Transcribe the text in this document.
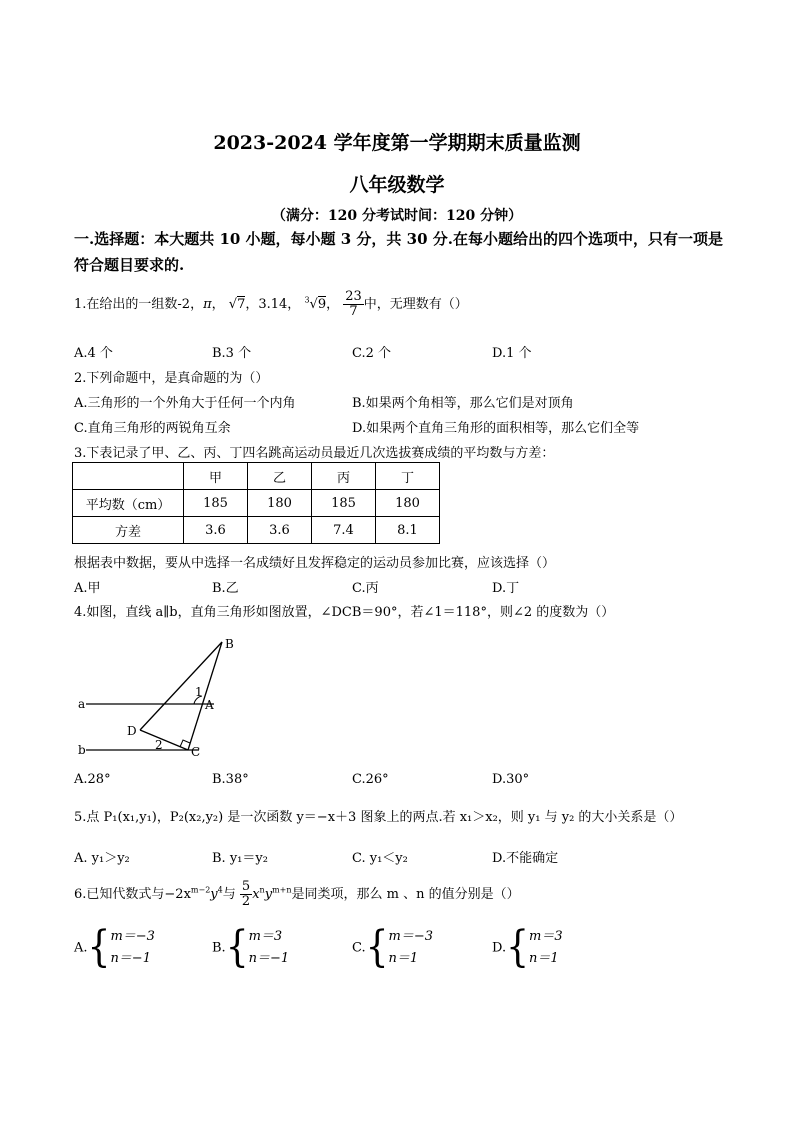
2023-2024 学年度第一学期期末质量监测
八年级数学
（满分：120 分考试时间：120 分钟）
一.选择题：本大题共 10 小题，每小题 3 分，共 30 分.在每小题给出的四个选项中，只有一项是符合题目要求的.
1.在给出的一组数-2，π， √7，3.14， $^3$√9， $\frac{23}{7}$ 中，无理数有（）
A.4 个	B.3 个	C.2 个	D.1 个
2.下列命题中，是真命题的为（）
A.三角形的一个外角大于任何一个内角	B.如果两个角相等，那么它们是对顶角
C.直角三角形的两锐角互余	D.如果两个直角三角形的面积相等，那么它们全等
3.下表记录了甲、乙、丙、丁四名跳高运动员最近几次选拔赛成绩的平均数与方差：
	甲	乙	丙	丁
平均数（cm）	185	180	185	180
方差	3.6	3.6	7.4	8.1
根据表中数据，要从中选择一名成绩好且发挥稳定的运动员参加比赛，应该选择（）
A.甲	B.乙	C.丙	D.丁
4.如图，直线 a∥b，直角三角形如图放置，∠DCB＝90°，若∠1＝118°，则∠2 的度数为（）
B
A
C
D
a
b
1
2
A.28°	B.38°	C.26°	D.30°
5.点 P₁(x₁,y₁)，P₂(x₂,y₂) 是一次函数 y＝−x＋3 图象上的两点.若 x₁＞x₂，则 y₁ 与 y₂ 的大小关系是（）
A. y₁＞y₂	B. y₁＝y₂	C. y₁＜y₂	D.不能确定
6.已知代数式与$-2x^{m-2}y^4$与 $\frac{5}{2} x^ny^{m+n}$是同类项，那么 m 、n 的值分别是（）
A.{ m＝−3
n＝−1
B.{ m＝3
n＝−1
C.{ m＝−3
n＝1
D.{ m＝3
n＝1
